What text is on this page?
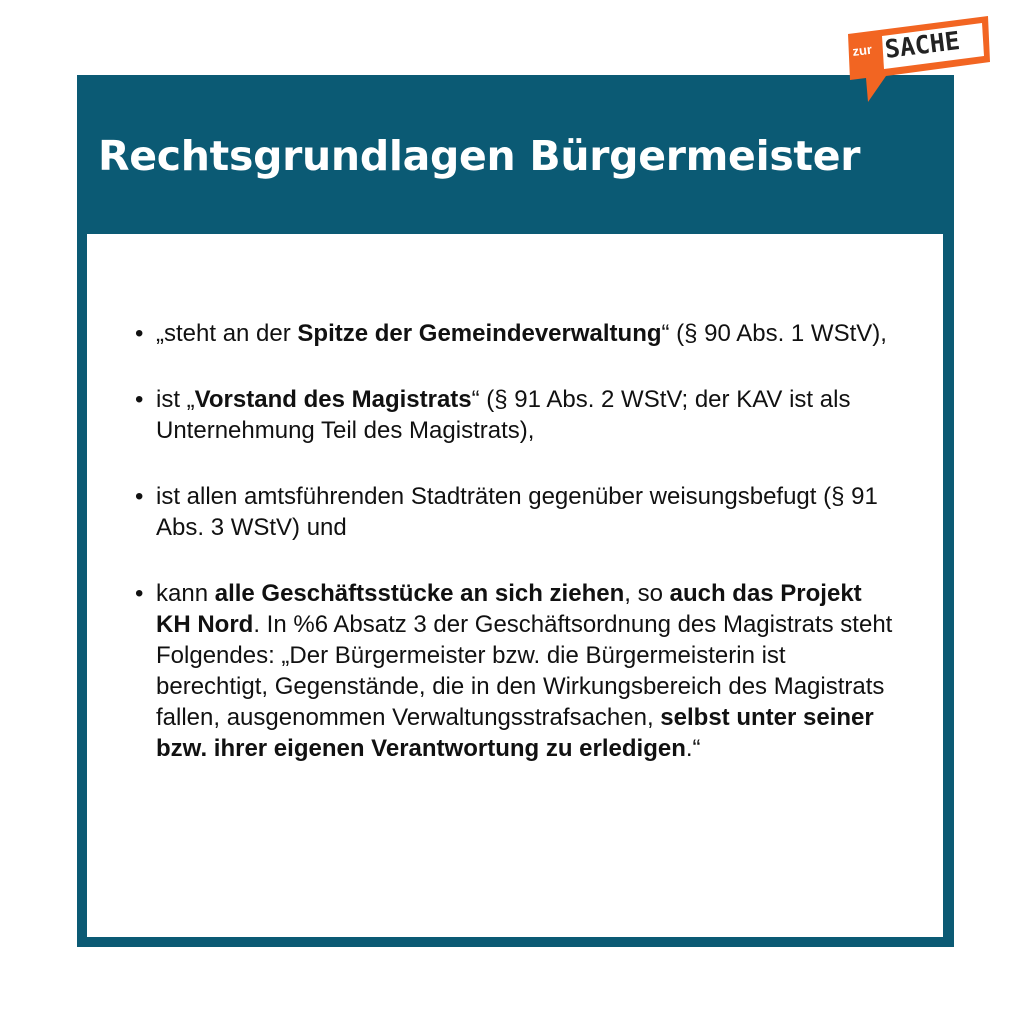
Rechtsgrundlagen Bürgermeister
• „steht an der Spitze der Gemeindeverwaltung“ (§ 90 Abs. 1 WStV),
• ist „Vorstand des Magistrats“ (§ 91 Abs. 2 WStV; der KAV ist als Unternehmung Teil des Magistrats),
• ist allen amtsführenden Stadträten gegenüber weisungsbefugt (§ 91 Abs. 3 WStV) und
• kann alle Geschäftsstücke an sich ziehen, so auch das Projekt KH Nord. In %6 Absatz 3 der Geschäftsordnung des Magistrats steht Folgendes: „Der Bürgermeister bzw. die Bürgermeisterin ist berechtigt, Gegenstände, die in den Wirkungsbereich des Magistrats fallen, ausgenommen Verwaltungsstrafsachen, selbst unter seiner bzw. ihrer eigenen Verantwortung zu erledigen.“
zur SACHE
